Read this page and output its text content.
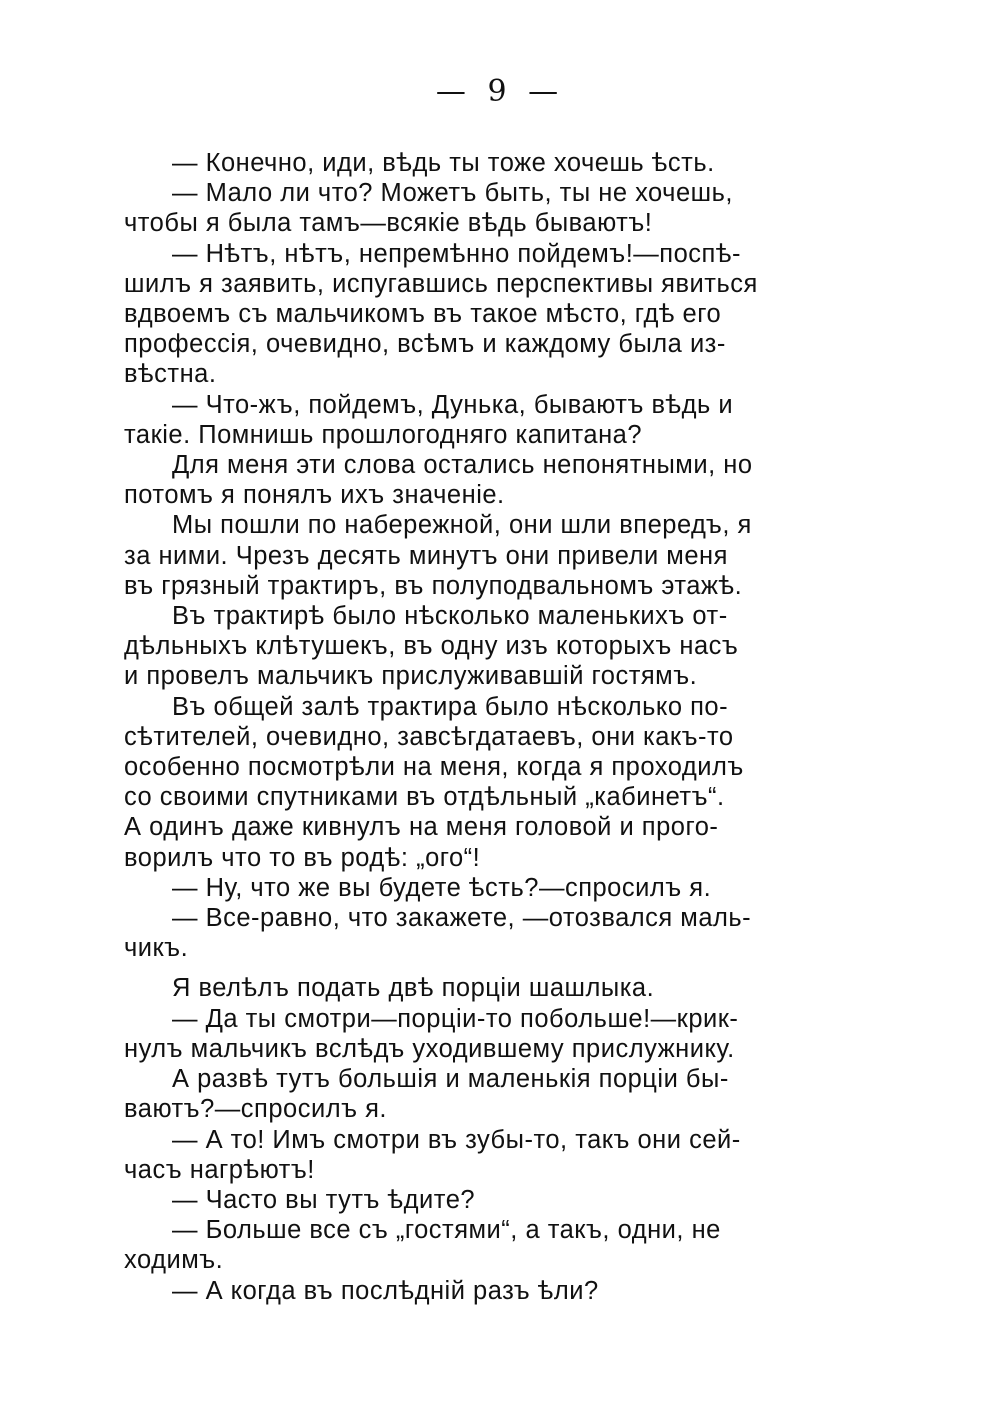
— 9 —
— Конечно, иди, вѣдь ты тоже хочешь ѣсть.
— Мало ли что? Можетъ быть, ты не хочешь,
чтобы я была тамъ—всякіе вѣдь бываютъ!
— Нѣтъ, нѣтъ, непремѣнно пойдемъ!—поспѣ-
шилъ я заявить, испугавшись перспективы явиться
вдвоемъ съ мальчикомъ въ такое мѣсто, гдѣ его
профессія, очевидно, всѣмъ и каждому была из-
вѣстна.
— Что-жъ, пойдемъ, Дунька, бываютъ вѣдь и
такіе. Помнишь прошлогодняго капитана?
Для меня эти слова остались непонятными, но
потомъ я понялъ ихъ значеніе.
Мы пошли по набережной, они шли впередъ, я
за ними. Чрезъ десять минутъ они привели меня
въ грязный трактиръ, въ полуподвальномъ этажѣ.
Въ трактирѣ было нѣсколько маленькихъ от-
дѣльныхъ клѣтушекъ, въ одну изъ которыхъ насъ
и провелъ мальчикъ прислуживавшій гостямъ.
Въ общей залѣ трактира было нѣсколько по-
сѣтителей, очевидно, завсѣгдатаевъ, они какъ-то
особенно посмотрѣли на меня, когда я проходилъ
со своими спутниками въ отдѣльный „кабинетъ“.
А одинъ даже кивнулъ на меня головой и прого-
ворилъ что то въ родѣ: „ого“!
— Ну, что же вы будете ѣсть?—спросилъ я.
— Все-равно, что закажете, —отозвался маль-
чикъ.
Я велѣлъ подать двѣ порціи шашлыка.
— Да ты смотри—порціи-то побольше!—крик-
нулъ мальчикъ вслѣдъ уходившему прислужнику.
А развѣ тутъ большія и маленькія порціи бы-
ваютъ?—спросилъ я.
— А то! Имъ смотри въ зубы-то, такъ они сей-
часъ нагрѣютъ!
— Часто вы тутъ ѣдите?
— Больше все съ „гостями“, а такъ, одни, не
ходимъ.
— А когда въ послѣдній разъ ѣли?
